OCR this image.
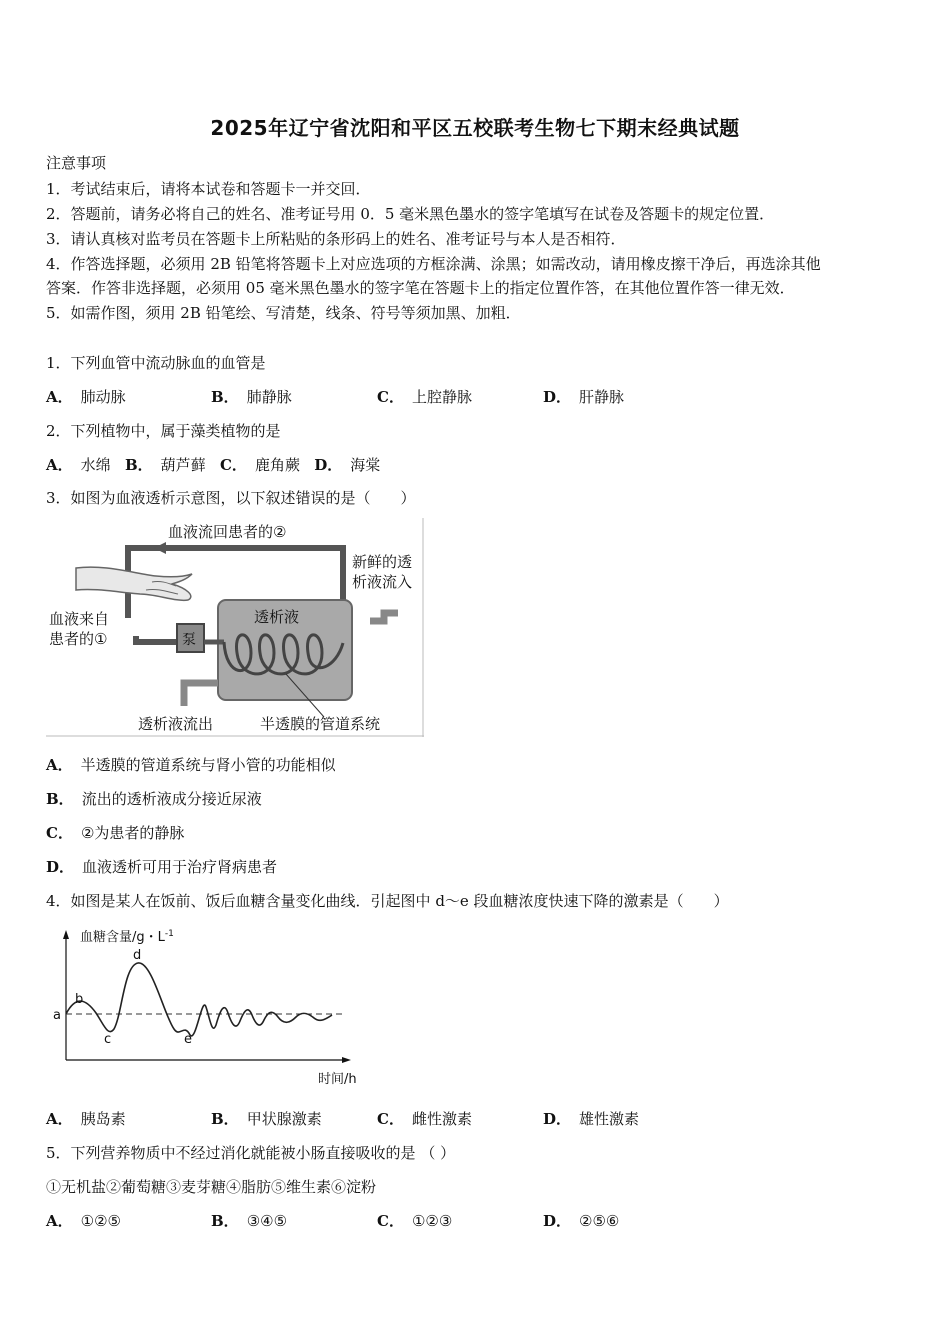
2025年辽宁省沈阳和平区五校联考生物七下期末经典试题
注意事项
1．考试结束后，请将本试卷和答题卡一并交回．
2．答题前，请务必将自己的姓名、准考证号用 0．5 毫米黑色墨水的签字笔填写在试卷及答题卡的规定位置．
3．请认真核对监考员在答题卡上所粘贴的条形码上的姓名、准考证号与本人是否相符．
4．作答选择题，必须用 2B 铅笔将答题卡上对应选项的方框涂满、涂黑；如需改动，请用橡皮擦干净后，再选涂其他
答案．作答非选择题，必须用 05 毫米黑色墨水的签字笔在答题卡上的指定位置作答，在其他位置作答一律无效．
5．如需作图，须用 2B 铅笔绘、写清楚，线条、符号等须加黑、加粗．
1．下列血管中流动脉血的血管是
A． 肺动脉	B． 肺静脉	C． 上腔静脉	D． 肝静脉
2．下列植物中，属于藻类植物的是
A． 水绵 B． 葫芦藓 C． 鹿角蕨 D． 海棠
3．如图为血液透析示意图，以下叙述错误的是（　　）
血液流回患者的②
新鲜的透
析液流入
血液来自
患者的①
透析液
泵
透析液流出	半透膜的管道系统
A． 半透膜的管道系统与肾小管的功能相似
B． 流出的透析液成分接近尿液
C． ②为患者的静脉
D． 血液透析可用于治疗肾病患者
4．如图是某人在饭前、饭后血糖含量变化曲线．引起图中 d～e 段血糖浓度快速下降的激素是（　　）
血糖含量/g・$L^{-1}$
时间/h
a
b
c
d
e
A． 胰岛素	B． 甲状腺激素	C． 雌性激素	D． 雄性激素
5．下列营养物质中不经过消化就能被小肠直接吸收的是 （ ）
①无机盐②葡萄糖③麦芽糖④脂肪⑤维生素⑥淀粉
A． ①②⑤	B． ③④⑤	C． ①②③	D． ②⑤⑥
